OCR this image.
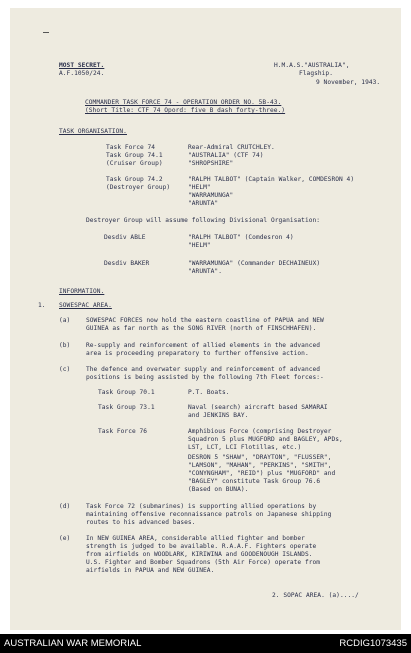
MOST SECRET.
A.F.1050/24.
H.M.A.S."AUSTRALIA",
Flagship.
9 November, 1943.
COMMANDER TASK FORCE 74 - OPERATION ORDER NO. 5B-43.
(Short Title: CTF 74 Opord: five B dash forty-three.)
TASK ORGANISATION.
Task Force 74	Rear-Admiral CRUTCHLEY.
Task Group 74.1	"AUSTRALIA" (CTF 74)
(Cruiser Group)	"SHROPSHIRE"
Task Group 74.2	"RALPH TALBOT" (Captain Walker, COMDESRON 4)
(Destroyer Group)	"HELM"
"WARRAMUNGA"
"ARUNTA"
Destroyer Group will assume following Divisional Organisation:
Desdiv ABLE	"RALPH TALBOT" (Comdesron 4)
"HELM"
Desdiv BAKER	"WARRAMUNGA" (Commander DECHAINEUX)
"ARUNTA".
INFORMATION.
1. SOWESPAC AREA.
(a)	SOWESPAC FORCES now hold the eastern coastline of PAPUA and NEW
GUINEA as far north as the SONG RIVER (north of FINSCHHAFEN).
(b)	Re-supply and reinforcement of allied elements in the advanced
area is proceeding preparatory to further offensive action.
(c)	The defence and overwater supply and reinforcement of advanced
positions is being assisted by the following 7th Fleet forces:-
Task Group 70.1	P.T. Boats.
Task Group 73.1	Naval (search) aircraft based SAMARAI
and JENKINS BAY.
Task Force 76	Amphibious Force (comprising Destroyer
Squadron 5 plus MUGFORD and BAGLEY, APDs,
LST, LCT, LCI Flotillas, etc.)
DESRON 5 "SHAW", "DRAYTON", "FLUSSER",
"LAMSON", "MAHAN", "PERKINS", "SMITH",
"CONYNGHAM", "REID") plus "MUGFORD" and
"BAGLEY" constitute Task Group 76.6
(Based on BUNA).
(d)	Task Force 72 (submarines) is supporting allied operations by
maintaining offensive reconnaissance patrols on Japanese shipping
routes to his advanced bases.
(e)	In NEW GUINEA AREA, considerable allied fighter and bomber
strength is judged to be available. R.A.A.F. Fighters operate
from airfields on WOODLARK, KIRIWINA and GOODENOUGH ISLANDS.
U.S. Fighter and Bomber Squadrons (5th Air Force) operate from
airfields in PAPUA and NEW GUINEA.
2. SOPAC AREA. (a)..../
AUSTRALIAN WAR MEMORIAL	RCDIG1073435
